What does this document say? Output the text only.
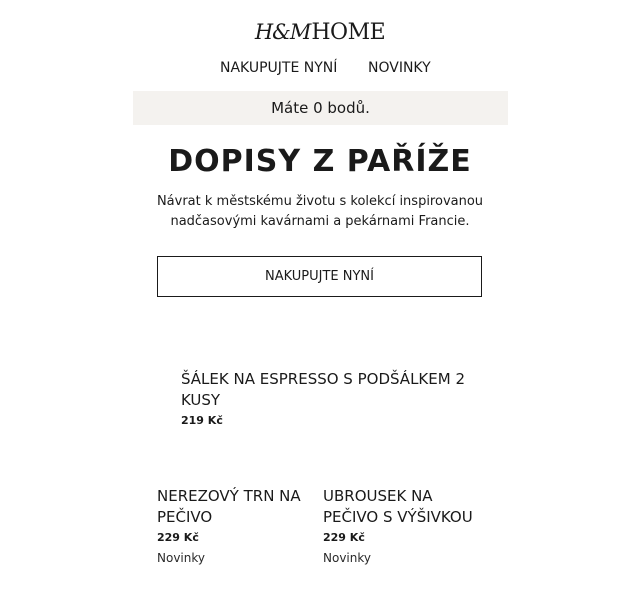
H&MHOME
NAKUPUJTE NYNÍ NOVINKY
Máte 0 bodů.
DOPISY Z PAŘÍŽE
Návrat k městskému životu s kolekcí inspirovanou nadčasovými kavárnami a pekárnami Francie.
NAKUPUJTE NYNÍ
ŠÁLEK NA ESPRESSO S PODŠÁLKEM 2 KUSY
219 Kč
NEREZOVÝ TRN NA PEČIVO
229 Kč
Novinky
UBROUSEK NA PEČIVO S VÝŠIVKOU
229 Kč
Novinky
